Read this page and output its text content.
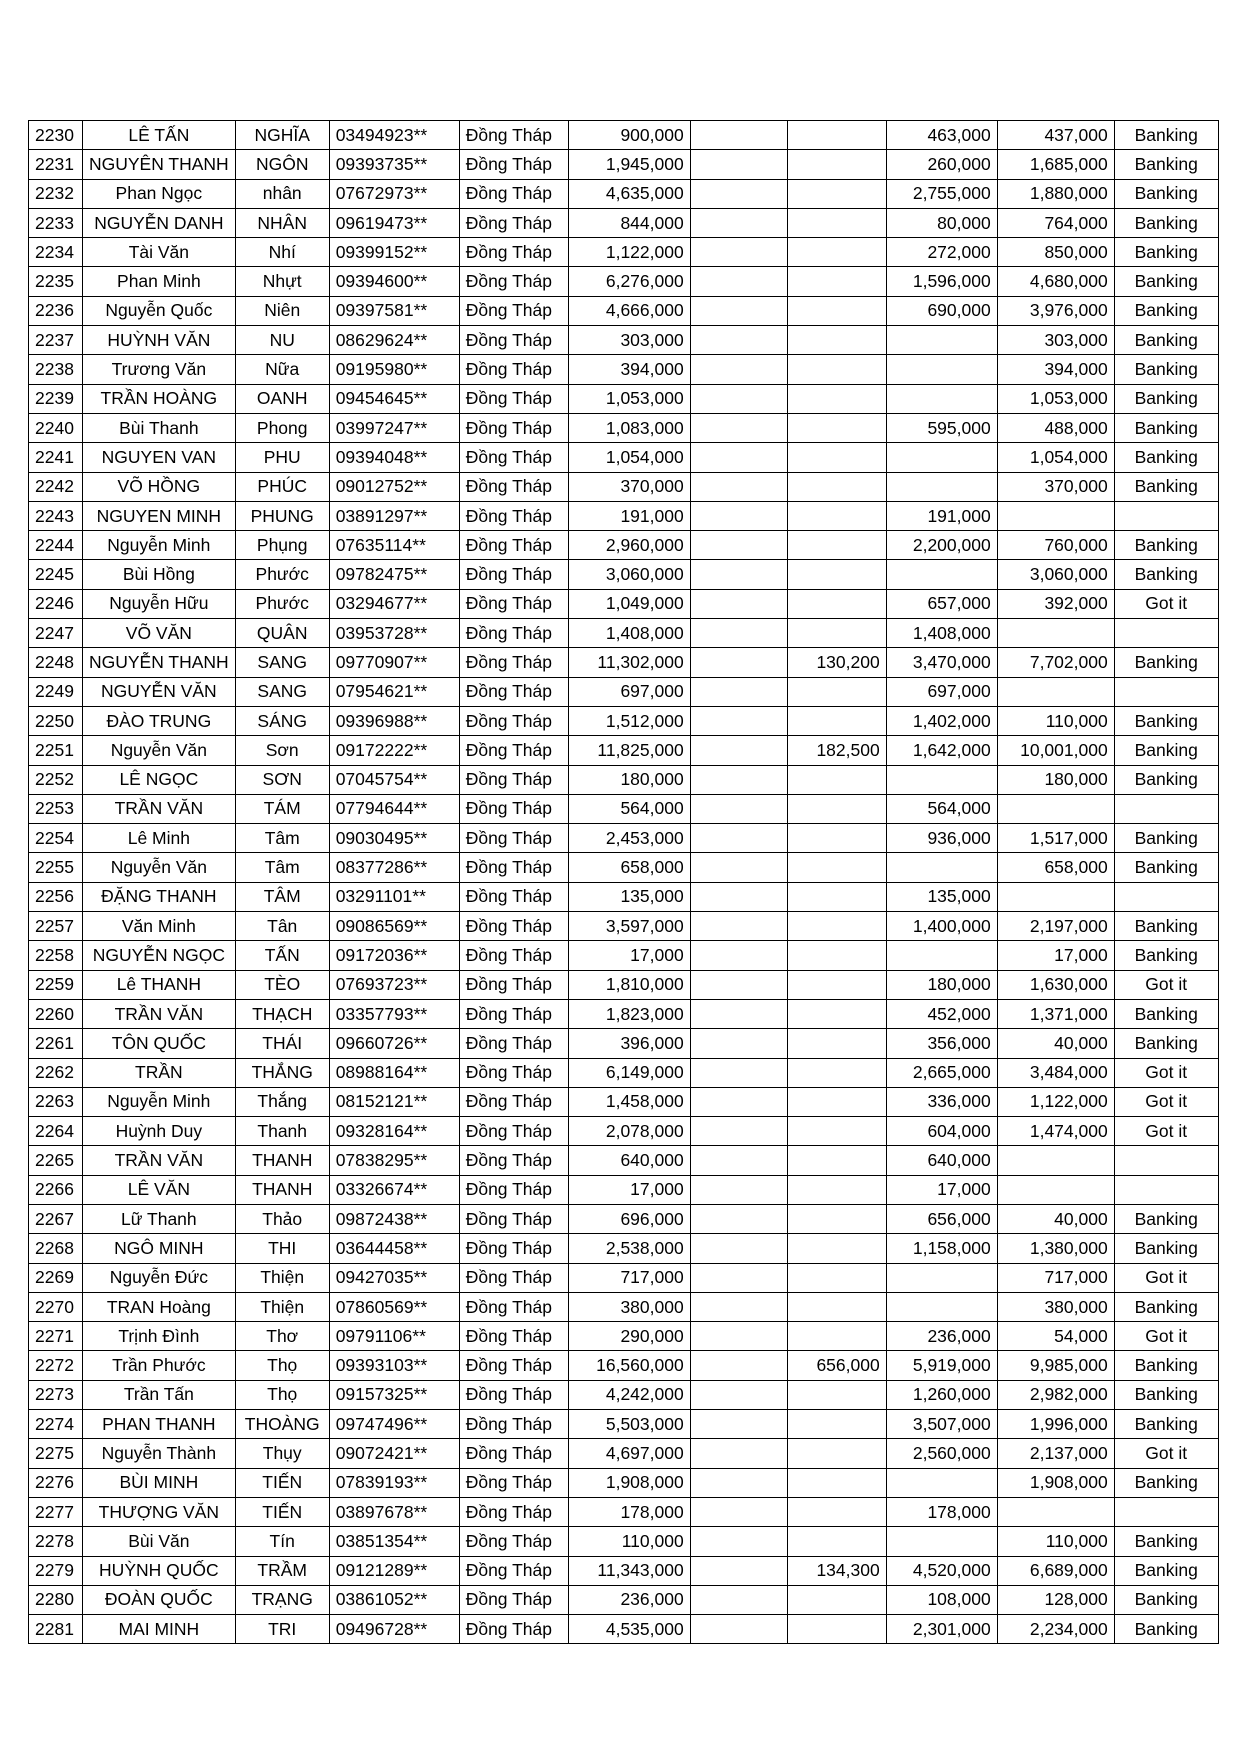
2230	LÊ TẤN	NGHĨA	03494923**	Đồng Tháp	900,000			463,000	437,000	Banking
2231	NGUYÊN THANH	NGÔN	09393735**	Đồng Tháp	1,945,000			260,000	1,685,000	Banking
2232	Phan Ngọc	nhân	07672973**	Đồng Tháp	4,635,000			2,755,000	1,880,000	Banking
2233	NGUYỄN DANH	NHÂN	09619473**	Đồng Tháp	844,000			80,000	764,000	Banking
2234	Tài Văn	Nhí	09399152**	Đồng Tháp	1,122,000			272,000	850,000	Banking
2235	Phan Minh	Nhựt	09394600**	Đồng Tháp	6,276,000			1,596,000	4,680,000	Banking
2236	Nguyễn Quốc	Niên	09397581**	Đồng Tháp	4,666,000			690,000	3,976,000	Banking
2237	HUỲNH VĂN	NU	08629624**	Đồng Tháp	303,000				303,000	Banking
2238	Trương Văn	Nữa	09195980**	Đồng Tháp	394,000				394,000	Banking
2239	TRẦN HOÀNG	OANH	09454645**	Đồng Tháp	1,053,000				1,053,000	Banking
2240	Bùi Thanh	Phong	03997247**	Đồng Tháp	1,083,000			595,000	488,000	Banking
2241	NGUYEN VAN	PHU	09394048**	Đồng Tháp	1,054,000				1,054,000	Banking
2242	VÕ HỒNG	PHÚC	09012752**	Đồng Tháp	370,000				370,000	Banking
2243	NGUYEN MINH	PHUNG	03891297**	Đồng Tháp	191,000			191,000		
2244	Nguyễn Minh	Phụng	07635114**	Đồng Tháp	2,960,000			2,200,000	760,000	Banking
2245	Bùi Hồng	Phước	09782475**	Đồng Tháp	3,060,000				3,060,000	Banking
2246	Nguyễn Hữu	Phước	03294677**	Đồng Tháp	1,049,000			657,000	392,000	Got it
2247	VÕ VĂN	QUÂN	03953728**	Đồng Tháp	1,408,000			1,408,000		
2248	NGUYỄN THANH	SANG	09770907**	Đồng Tháp	11,302,000		130,200	3,470,000	7,702,000	Banking
2249	NGUYỄN VĂN	SANG	07954621**	Đồng Tháp	697,000			697,000		
2250	ĐÀO TRUNG	SÁNG	09396988**	Đồng Tháp	1,512,000			1,402,000	110,000	Banking
2251	Nguyễn Văn	Sơn	09172222**	Đồng Tháp	11,825,000		182,500	1,642,000	10,001,000	Banking
2252	LÊ NGỌC	SƠN	07045754**	Đồng Tháp	180,000				180,000	Banking
2253	TRẦN VĂN	TÁM	07794644**	Đồng Tháp	564,000			564,000		
2254	Lê Minh	Tâm	09030495**	Đồng Tháp	2,453,000			936,000	1,517,000	Banking
2255	Nguyễn Văn	Tâm	08377286**	Đồng Tháp	658,000				658,000	Banking
2256	ĐẶNG THANH	TÂM	03291101**	Đồng Tháp	135,000			135,000		
2257	Văn Minh	Tân	09086569**	Đồng Tháp	3,597,000			1,400,000	2,197,000	Banking
2258	NGUYỄN NGỌC	TẤN	09172036**	Đồng Tháp	17,000				17,000	Banking
2259	Lê THANH	TÈO	07693723**	Đồng Tháp	1,810,000			180,000	1,630,000	Got it
2260	TRẦN VĂN	THẠCH	03357793**	Đồng Tháp	1,823,000			452,000	1,371,000	Banking
2261	TÔN QUỐC	THÁI	09660726**	Đồng Tháp	396,000			356,000	40,000	Banking
2262	TRẦN	THẮNG	08988164**	Đồng Tháp	6,149,000			2,665,000	3,484,000	Got it
2263	Nguyễn Minh	Thắng	08152121**	Đồng Tháp	1,458,000			336,000	1,122,000	Got it
2264	Huỳnh Duy	Thanh	09328164**	Đồng Tháp	2,078,000			604,000	1,474,000	Got it
2265	TRẦN VĂN	THANH	07838295**	Đồng Tháp	640,000			640,000		
2266	LÊ VĂN	THANH	03326674**	Đồng Tháp	17,000			17,000		
2267	Lữ Thanh	Thảo	09872438**	Đồng Tháp	696,000			656,000	40,000	Banking
2268	NGÔ MINH	THI	03644458**	Đồng Tháp	2,538,000			1,158,000	1,380,000	Banking
2269	Nguyễn Đức	Thiện	09427035**	Đồng Tháp	717,000				717,000	Got it
2270	TRAN Hoàng	Thiện	07860569**	Đồng Tháp	380,000				380,000	Banking
2271	Trịnh Đình	Thơ	09791106**	Đồng Tháp	290,000			236,000	54,000	Got it
2272	Trần Phước	Thọ	09393103**	Đồng Tháp	16,560,000		656,000	5,919,000	9,985,000	Banking
2273	Trần Tấn	Thọ	09157325**	Đồng Tháp	4,242,000			1,260,000	2,982,000	Banking
2274	PHAN THANH	THOÀNG	09747496**	Đồng Tháp	5,503,000			3,507,000	1,996,000	Banking
2275	Nguyễn Thành	Thụy	09072421**	Đồng Tháp	4,697,000			2,560,000	2,137,000	Got it
2276	BÙI MINH	TIẾN	07839193**	Đồng Tháp	1,908,000				1,908,000	Banking
2277	THƯỢNG VĂN	TIẾN	03897678**	Đồng Tháp	178,000			178,000		
2278	Bùi Văn	Tín	03851354**	Đồng Tháp	110,000				110,000	Banking
2279	HUỲNH QUỐC	TRẦM	09121289**	Đồng Tháp	11,343,000		134,300	4,520,000	6,689,000	Banking
2280	ĐOÀN QUỐC	TRẠNG	03861052**	Đồng Tháp	236,000			108,000	128,000	Banking
2281	MAI MINH	TRI	09496728**	Đồng Tháp	4,535,000			2,301,000	2,234,000	Banking
